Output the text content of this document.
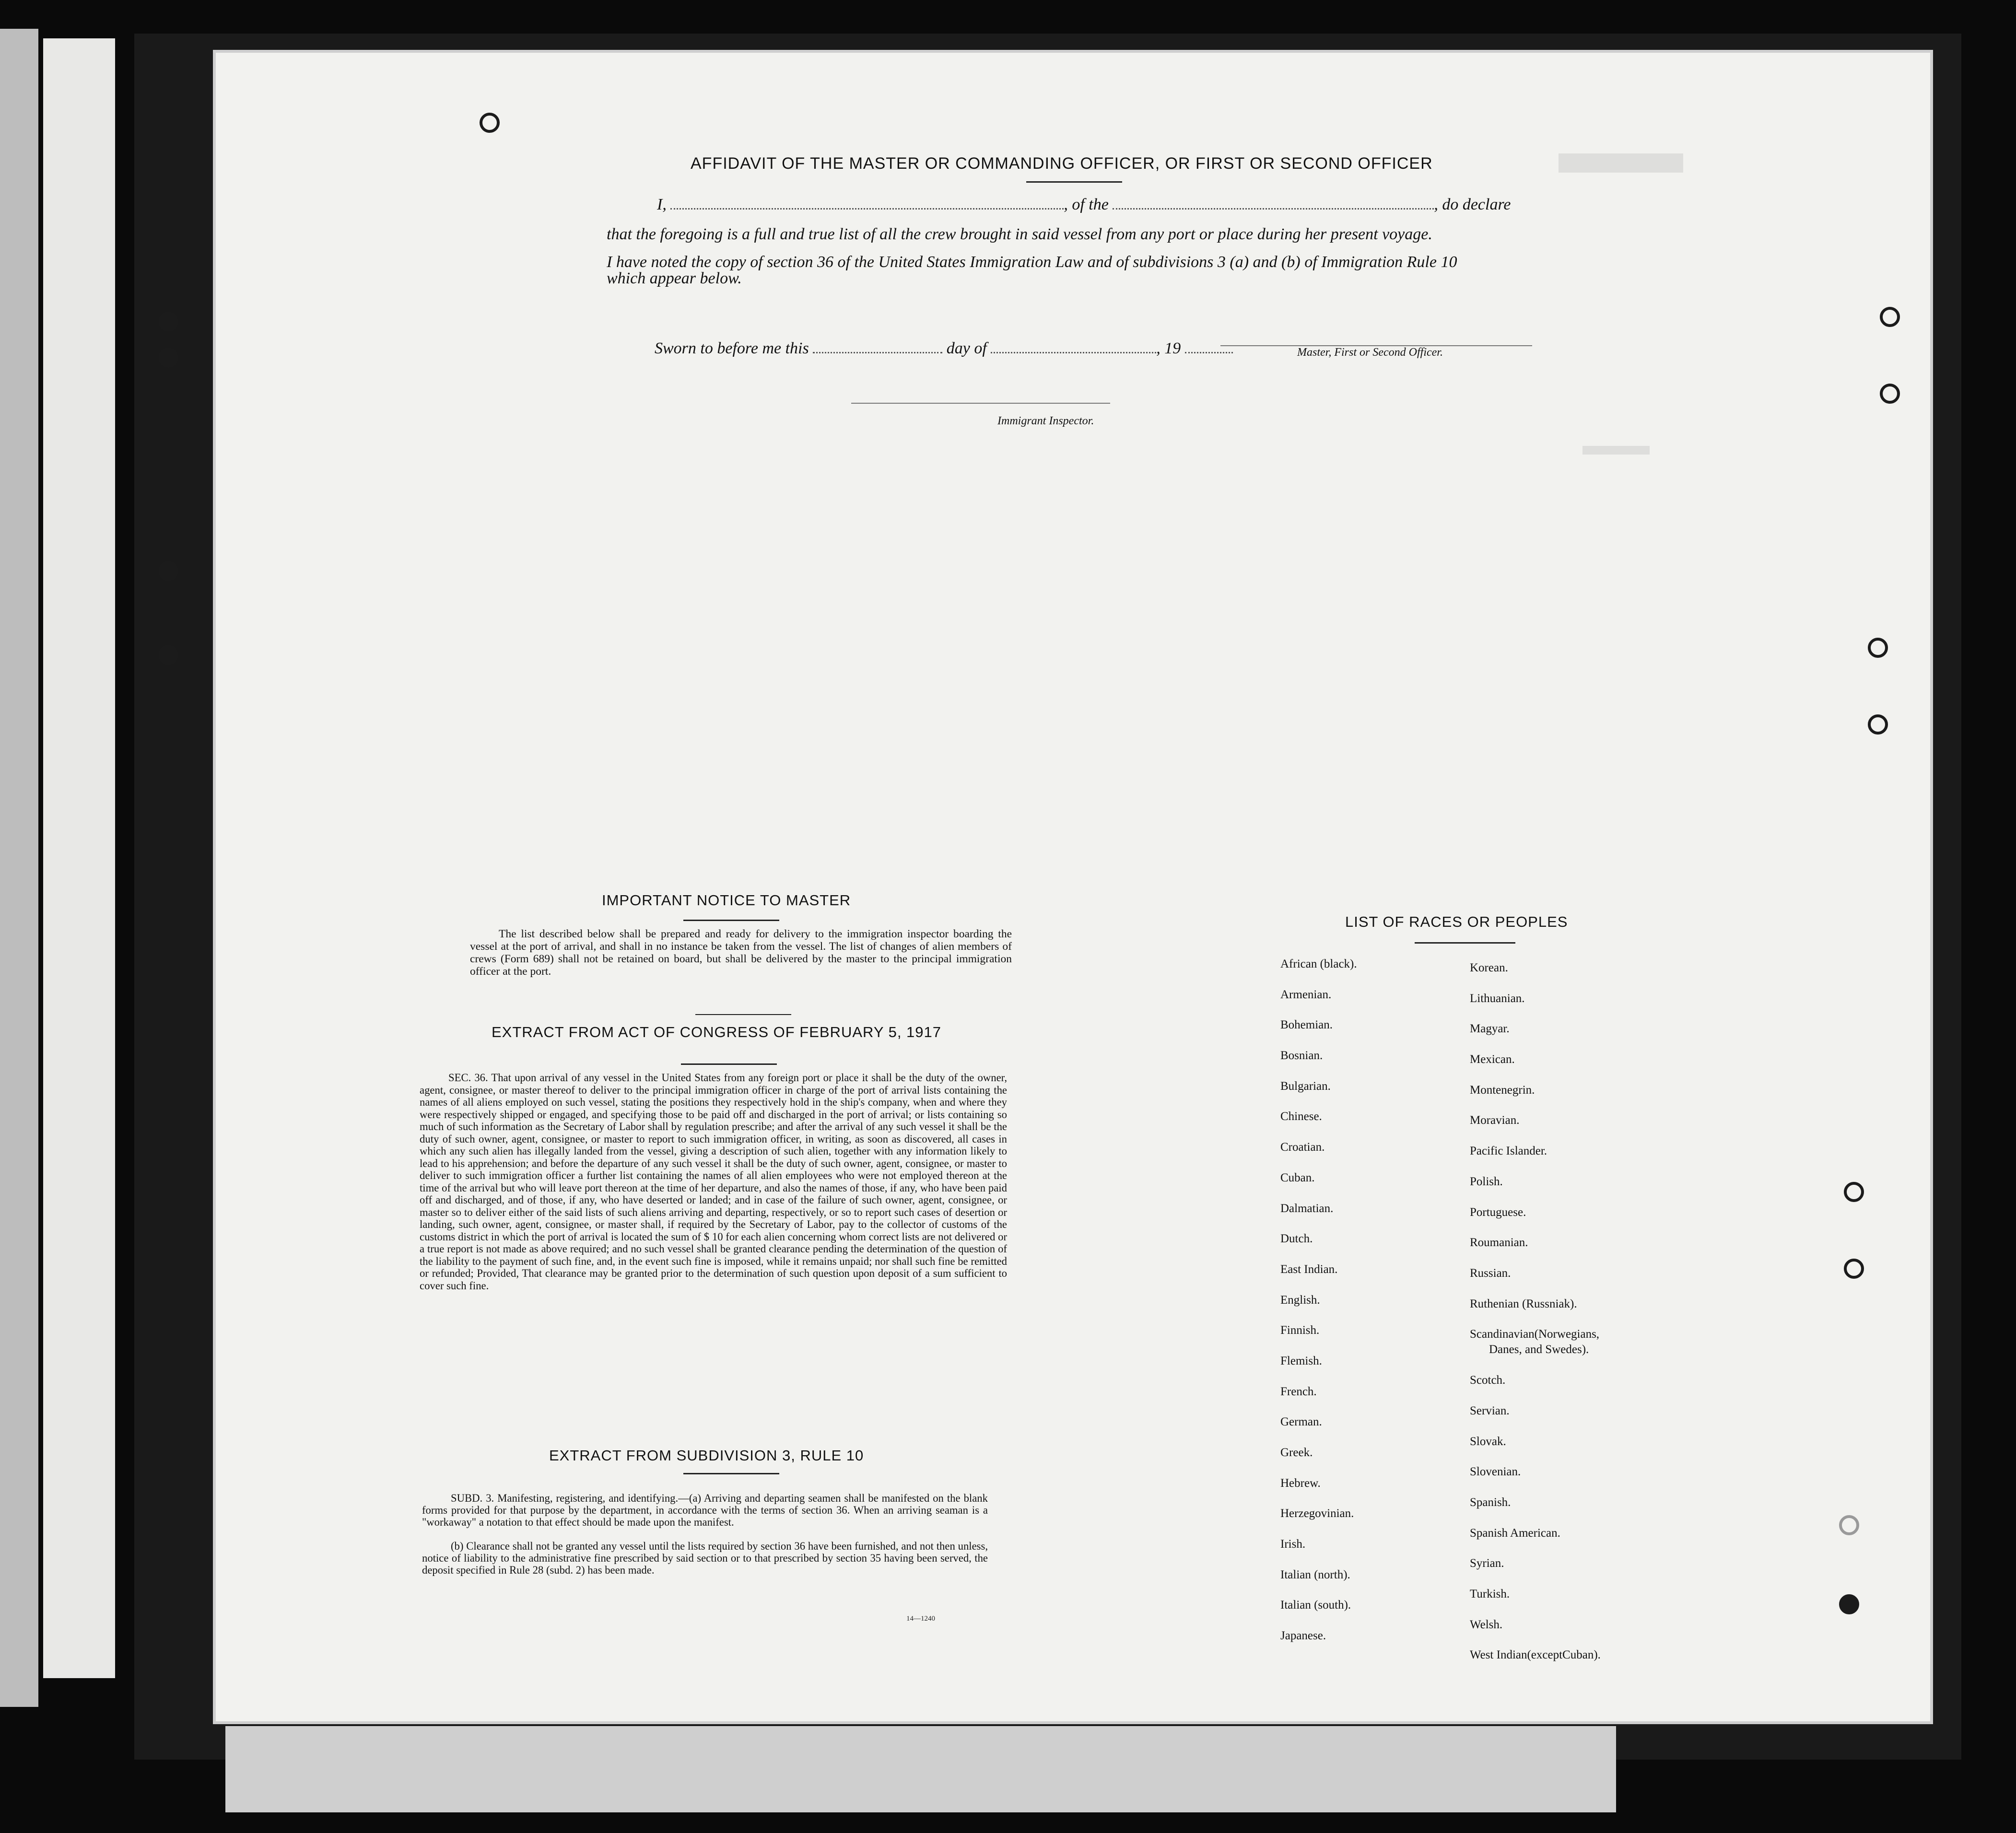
AFFIDAVIT OF THE MASTER OR COMMANDING OFFICER, OR FIRST OR SECOND OFFICER
I,	, of the	, do declare
that the foregoing is a full and true list of all the crew brought in said vessel from any port or place during her present voyage.
I have noted the copy of section 36 of the United States Immigration Law and of subdivisions 3 (a) and (b) of Immigration Rule 10
which appear below.
Master, First or Second Officer.
Sworn to before me this	day of	, 19
Immigrant Inspector.
IMPORTANT NOTICE TO MASTER
The list described below shall be prepared and ready for delivery to the immigration inspector boarding the vessel at the port of arrival, and shall in no instance be taken from the vessel. The list of changes of alien members of crews (Form 689) shall not be retained on board, but shall be delivered by the master to the principal immigration officer at the port.
EXTRACT FROM ACT OF CONGRESS OF FEBRUARY 5, 1917
SEC. 36. That upon arrival of any vessel in the United States from any foreign port or place it shall be the duty of the owner, agent, consignee, or master thereof to deliver to the principal immigration officer in charge of the port of arrival lists containing the names of all aliens employed on such vessel, stating the positions they respectively hold in the ship's company, when and where they were respectively shipped or engaged, and specifying those to be paid off and discharged in the port of arrival; or lists containing so much of such information as the Secretary of Labor shall by regulation prescribe; and after the arrival of any such vessel it shall be the duty of such owner, agent, consignee, or master to report to such immigration officer, in writing, as soon as discovered, all cases in which any such alien has illegally landed from the vessel, giving a description of such alien, together with any information likely to lead to his apprehension; and before the departure of any such vessel it shall be the duty of such owner, agent, consignee, or master to deliver to such immigration officer a further list containing the names of all alien employees who were not employed thereon at the time of the arrival but who will leave port thereon at the time of her departure, and also the names of those, if any, who have been paid off and discharged, and of those, if any, who have deserted or landed; and in case of the failure of such owner, agent, consignee, or master so to deliver either of the said lists of such aliens arriving and departing, respectively, or so to report such cases of desertion or landing, such owner, agent, consignee, or master shall, if required by the Secretary of Labor, pay to the collector of customs of the customs district in which the port of arrival is located the sum of $ 10 for each alien concerning whom correct lists are not delivered or a true report is not made as above required; and no such vessel shall be granted clearance pending the determination of the question of the liability to the payment of such fine, and, in the event such fine is imposed, while it remains unpaid; nor shall such fine be remitted or refunded; Provided, That clearance may be granted prior to the determination of such question upon deposit of a sum sufficient to cover such fine.
EXTRACT FROM SUBDIVISION 3, RULE 10
SUBD. 3. Manifesting, registering, and identifying.—(a) Arriving and departing seamen shall be manifested on the blank forms provided for that purpose by the department, in accordance with the terms of section 36. When an arriving seaman is a "workaway" a notation to that effect should be made upon the manifest.
(b) Clearance shall not be granted any vessel until the lists required by section 36 have been furnished, and not then unless, notice of liability to the administrative fine prescribed by said section or to that prescribed by section 35 having been served, the deposit specified in Rule 28 (subd. 2) has been made.
14—1240
LIST OF RACES OR PEOPLES
African (black).
Armenian.
Bohemian.
Bosnian.
Bulgarian.
Chinese.
Croatian.
Cuban.
Dalmatian.
Dutch.
East Indian.
English.
Finnish.
Flemish.
French.
German.
Greek.
Hebrew.
Herzegovinian.
Irish.
Italian (north).
Italian (south).
Japanese.
Korean.
Lithuanian.
Magyar.
Mexican.
Montenegrin.
Moravian.
Pacific Islander.
Polish.
Portuguese.
Roumanian.
Russian.
Ruthenian (Russniak).
Scandinavian(Norwegians,
Danes, and Swedes).
Scotch.
Servian.
Slovak.
Slovenian.
Spanish.
Spanish American.
Syrian.
Turkish.
Welsh.
West Indian(exceptCuban).
